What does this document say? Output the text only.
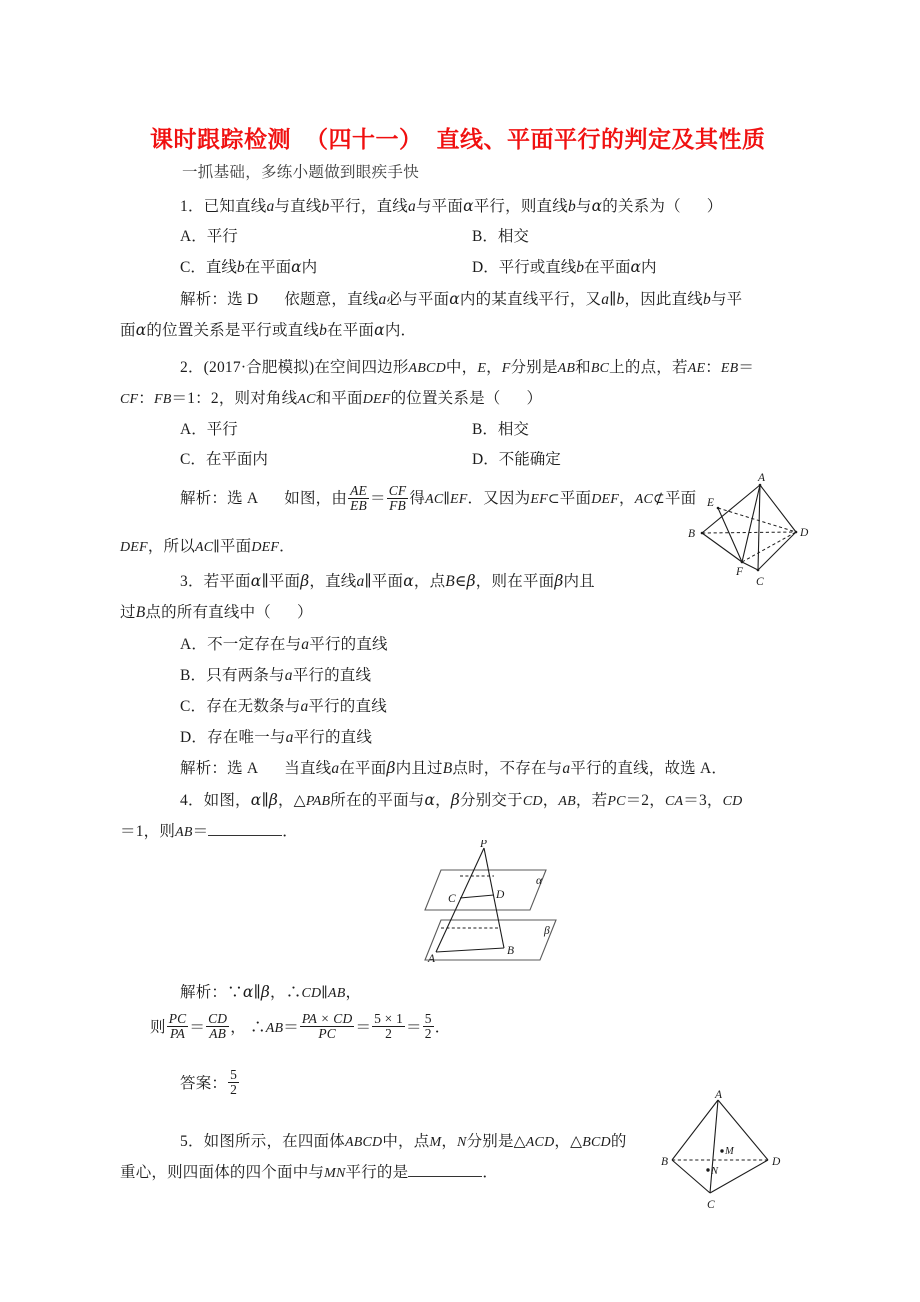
课时跟踪检测 （四十一） 直线、平面平行的判定及其性质
一抓基础，多练小题做到眼疾手快
1．已知直线a与直线b平行，直线a与平面α平行，则直线b与α的关系为（ ）
A．平行	B．相交
C．直线b在平面α内	D．平行或直线b在平面α内
解析：选 D 依题意，直线a必与平面α内的某直线平行，又a∥b，因此直线b与平
面α的位置关系是平行或直线b在平面α内．
2．(2017·合肥模拟)在空间四边形ABCD中，E，F分别是AB和BC上的点，若AE：EB＝
CF：FB＝1：2，则对角线AC和平面DEF的位置关系是（ ）
A．平行	B．相交
C．在平面内	D．不能确定
解析：选 A 如图，由 $\frac{AE}{EB} = \frac{CF}{FB}$ 得AC∥EF．又因为EF⊂平面DEF，AC⊄平面
DEF，所以AC∥平面DEF．
A
E
B	D
F
C
3．若平面α∥平面β，直线a∥平面α，点B∈β，则在平面β内且
过B点的所有直线中（ ）
A．不一定存在与a平行的直线
B．只有两条与a平行的直线
C．存在无数条与a平行的直线
D．存在唯一与a平行的直线
解析：选 A 当直线a在平面β内且过B点时，不存在与a平行的直线，故选 A．
4．如图，α∥β，△PAB所在的平面与α，β分别交于CD，AB，若PC＝2，CA＝3，CD
＝1，则AB＝	．
P
C	D
α
β
A
B
解析：∵α∥β，∴CD∥AB，
则 $\frac{PC}{PA} = \frac{CD}{AB}$ ， ∴AB＝ $\frac{PA \times CD}{PC} = \frac{5 \times 1}{2} = \frac{5}{2}$ ．
答案： $\frac{5}{2}$
5．如图所示，在四面体ABCD中，点M，N分别是△ACD，△BCD的
重心，则四面体的四个面中与MN平行的是	．
A
B
C
D
M
N
